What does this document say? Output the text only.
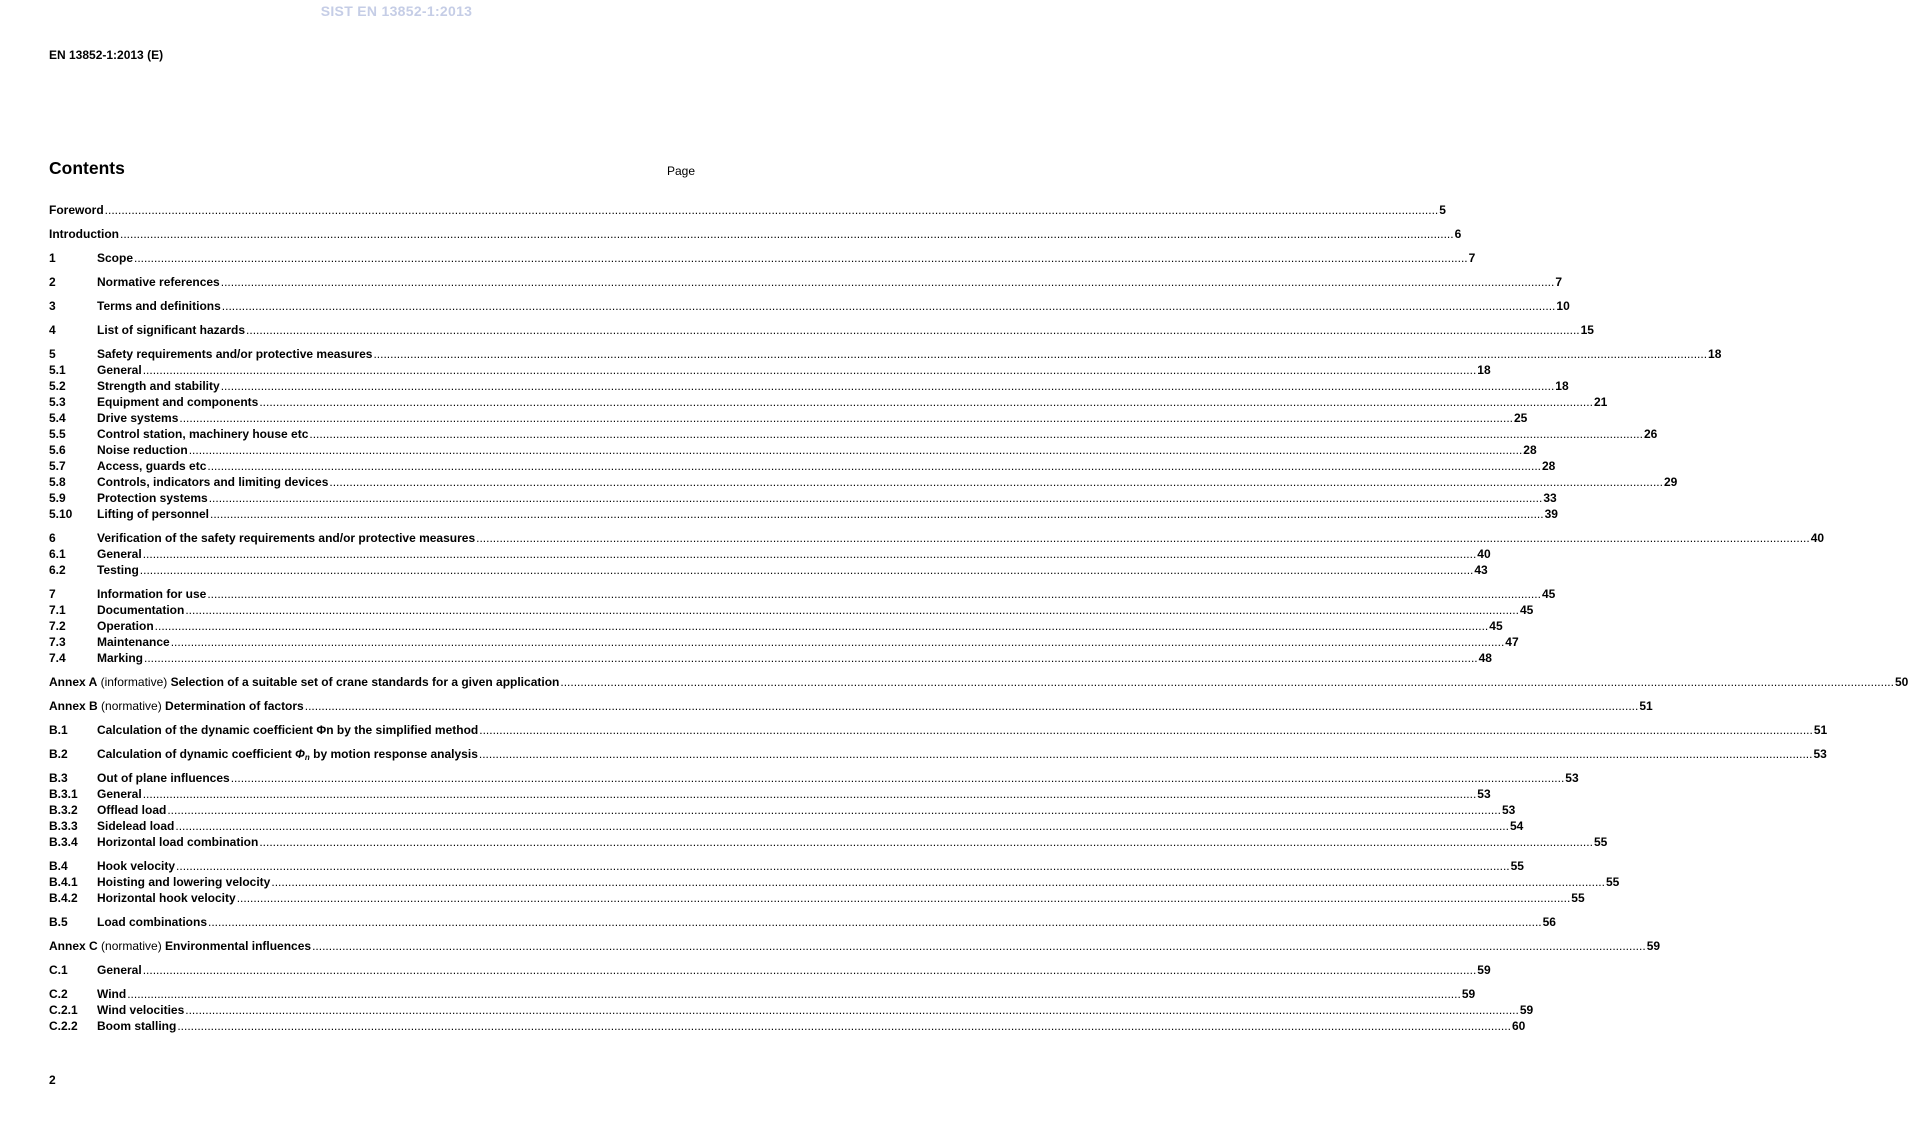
SIST EN 13852-1:2013
EN 13852-1:2013 (E)
Contents	Page
Foreword ................................................................................................................................................................................................................................................................................................................................................................................................................ 5
Introduction ................................................................................................................................................................................................................................................................................................................................................................................................................ 6
1	Scope ................................................................................................................................................................................................................................................................................................................................................................................................................ 7
2	Normative references ................................................................................................................................................................................................................................................................................................................................................................................................................ 7
3	Terms and definitions ................................................................................................................................................................................................................................................................................................................................................................................................................ 10
4	List of significant hazards ................................................................................................................................................................................................................................................................................................................................................................................................................ 15
5	Safety requirements and/or protective measures ................................................................................................................................................................................................................................................................................................................................................................................................................ 18
5.1	General ................................................................................................................................................................................................................................................................................................................................................................................................................ 18
5.2	Strength and stability ................................................................................................................................................................................................................................................................................................................................................................................................................ 18
5.3	Equipment and components ................................................................................................................................................................................................................................................................................................................................................................................................................ 21
5.4	Drive systems ................................................................................................................................................................................................................................................................................................................................................................................................................ 25
5.5	Control station, machinery house etc ................................................................................................................................................................................................................................................................................................................................................................................................................ 26
5.6	Noise reduction ................................................................................................................................................................................................................................................................................................................................................................................................................ 28
5.7	Access, guards etc ................................................................................................................................................................................................................................................................................................................................................................................................................ 28
5.8	Controls, indicators and limiting devices ................................................................................................................................................................................................................................................................................................................................................................................................................ 29
5.9	Protection systems ................................................................................................................................................................................................................................................................................................................................................................................................................ 33
5.10	Lifting of personnel ................................................................................................................................................................................................................................................................................................................................................................................................................ 39
6	Verification of the safety requirements and/or protective measures ................................................................................................................................................................................................................................................................................................................................................................................................................ 40
6.1	General ................................................................................................................................................................................................................................................................................................................................................................................................................ 40
6.2	Testing ................................................................................................................................................................................................................................................................................................................................................................................................................ 43
7	Information for use ................................................................................................................................................................................................................................................................................................................................................................................................................ 45
7.1	Documentation ................................................................................................................................................................................................................................................................................................................................................................................................................ 45
7.2	Operation ................................................................................................................................................................................................................................................................................................................................................................................................................ 45
7.3	Maintenance ................................................................................................................................................................................................................................................................................................................................................................................................................ 47
7.4	Marking ................................................................................................................................................................................................................................................................................................................................................................................................................ 48
Annex A (informative) Selection of a suitable set of crane standards for a given application ................................................................................................................................................................................................................................................................................................................................................................................................................ 50
Annex B (normative) Determination of factors ................................................................................................................................................................................................................................................................................................................................................................................................................ 51
B.1	Calculation of the dynamic coefficient Φn by the simplified method ................................................................................................................................................................................................................................................................................................................................................................................................................ 51
B.2	Calculation of dynamic coefficient $\Phi_n$ by motion response analysis ................................................................................................................................................................................................................................................................................................................................................................................................................ 53
B.3	Out of plane influences ................................................................................................................................................................................................................................................................................................................................................................................................................ 53
B.3.1	General ................................................................................................................................................................................................................................................................................................................................................................................................................ 53
B.3.2	Offlead load ................................................................................................................................................................................................................................................................................................................................................................................................................ 53
B.3.3	Sidelead load ................................................................................................................................................................................................................................................................................................................................................................................................................ 54
B.3.4	Horizontal load combination ................................................................................................................................................................................................................................................................................................................................................................................................................ 55
B.4	Hook velocity ................................................................................................................................................................................................................................................................................................................................................................................................................ 55
B.4.1	Hoisting and lowering velocity ................................................................................................................................................................................................................................................................................................................................................................................................................ 55
B.4.2	Horizontal hook velocity ................................................................................................................................................................................................................................................................................................................................................................................................................ 55
B.5	Load combinations ................................................................................................................................................................................................................................................................................................................................................................................................................ 56
Annex C (normative) Environmental influences ................................................................................................................................................................................................................................................................................................................................................................................................................ 59
C.1	General ................................................................................................................................................................................................................................................................................................................................................................................................................ 59
C.2	Wind ................................................................................................................................................................................................................................................................................................................................................................................................................ 59
C.2.1	Wind velocities ................................................................................................................................................................................................................................................................................................................................................................................................................ 59
C.2.2	Boom stalling ................................................................................................................................................................................................................................................................................................................................................................................................................ 60
2
